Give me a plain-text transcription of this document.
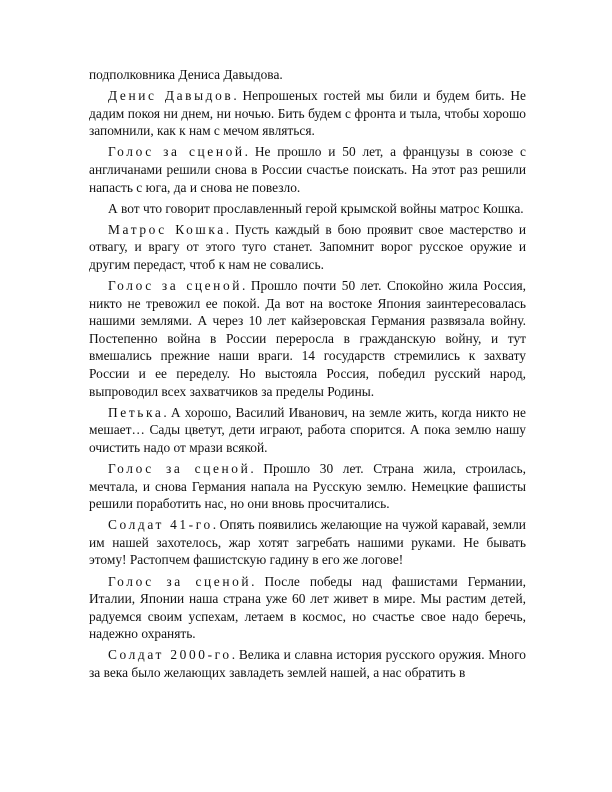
подполковника Дениса Давыдова.

Денис Давыдов. Непрошеных гостей мы били и будем бить. Не дадим покоя ни днем, ни ночью. Бить будем с фронта и тыла, чтобы хорошо запомнили, как к нам с мечом являться.

Голос за сценой. Не прошло и 50 лет, а французы в союзе с англичанами решили снова в России счастье поискать. На этот раз решили напасть с юга, да и снова не повезло.

А вот что говорит прославленный герой крымской войны матрос Кошка.

Матрос Кошка. Пусть каждый в бою проявит свое мастерство и отвагу, и врагу от этого туго станет. Запомнит ворог русское оружие и другим передаст, чтоб к нам не совались.

Голос за сценой. Прошло почти 50 лет. Спокойно жила Россия, никто не тревожил ее покой. Да вот на востоке Япония заинтересовалась нашими землями. А через 10 лет кайзеровская Германия развязала войну. Постепенно война в России переросла в гражданскую войну, и тут вмешались прежние наши враги. 14 государств стремились к захвату России и ее переделу. Но выстояла Россия, победил русский народ, выпроводил всех захватчиков за пределы Родины.

Петька. А хорошо, Василий Иванович, на земле жить, когда никто не мешает… Сады цветут, дети играют, работа спорится. А пока землю нашу очистить надо от мрази всякой.

Голос за сценой. Прошло 30 лет. Страна жила, строилась, мечтала, и снова Германия напала на Русскую землю. Немецкие фашисты решили поработить нас, но они вновь просчитались.

Солдат 41-го. Опять появились желающие на чужой каравай, земли им нашей захотелось, жар хотят загребать нашими руками. Не бывать этому! Растопчем фашистскую гадину в его же логове!

Голос за сценой. После победы над фашистами Германии, Италии, Японии наша страна уже 60 лет живет в мире. Мы растим детей, радуемся своим успехам, летаем в космос, но счастье свое надо беречь, надежно охранять.

Солдат 2000-го. Велика и славна история русского оружия. Много за века было желающих завладеть землей нашей, а нас обратить в
